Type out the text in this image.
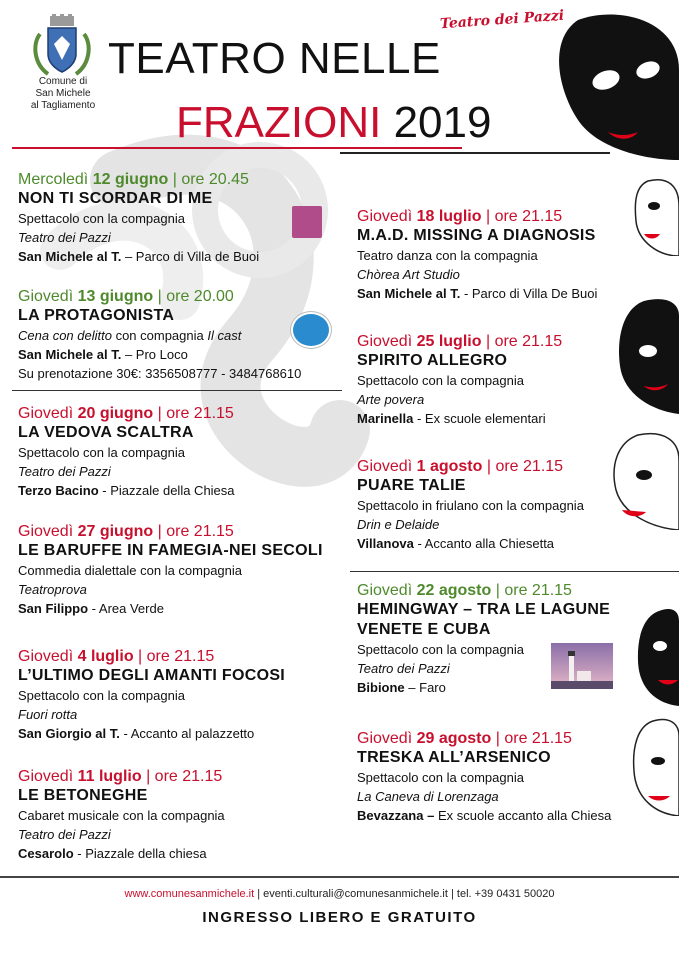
Comune di
San Michele
al Tagliamento
TEATRO NELLE
FRAZIONI 2019
Teatro dei Pazzi
Mercoledì 12 giugno | ore 20.45
NON TI SCORDAR DI ME
Spettacolo con la compagnia
Teatro dei Pazzi
San Michele al T. – Parco di Villa de Buoi
Giovedì 13 giugno | ore 20.00
LA PROTAGONISTA
Cena con delitto con compagnia Il cast
San Michele al T. – Pro Loco
Su prenotazione 30€: 3356508777 - 3484768610
Giovedì 20 giugno | ore 21.15
LA VEDOVA SCALTRA
Spettacolo con la compagnia
Teatro dei Pazzi
Terzo Bacino - Piazzale della Chiesa
Giovedì 27 giugno | ore 21.15
LE BARUFFE IN FAMEGIA-NEI SECOLI
Commedia dialettale con la compagnia
Teatroprova
San Filippo - Area Verde
Giovedì 4 luglio | ore 21.15
L’ULTIMO DEGLI AMANTI FOCOSI
Spettacolo con la compagnia
Fuori rotta
San Giorgio al T. - Accanto al palazzetto
Giovedì 11 luglio | ore 21.15
LE BETONEGHE
Cabaret musicale con la compagnia
Teatro dei Pazzi
Cesarolo - Piazzale della chiesa
Giovedì 18 luglio | ore 21.15
M.A.D. MISSING A DIAGNOSIS
Teatro danza con la compagnia
Chòrea Art Studio
San Michele al T. - Parco di Villa De Buoi
Giovedì 25 luglio | ore 21.15
SPIRITO ALLEGRO
Spettacolo con la compagnia
Arte povera
Marinella - Ex scuole elementari
Giovedì 1 agosto | ore 21.15
PUARE TALIE
Spettacolo in friulano con la compagnia
Drin e Delaide
Villanova - Accanto alla Chiesetta
Giovedì 22 agosto | ore 21.15
HEMINGWAY – TRA LE LAGUNE
VENETE E CUBA
Spettacolo con la compagnia
Teatro dei Pazzi
Bibione – Faro
Giovedì 29 agosto | ore 21.15
TRESKA ALL’ARSENICO
Spettacolo con la compagnia
La Caneva di Lorenzaga
Bevazzana – Ex scuole accanto alla Chiesa
www.comunesanmichele.it | eventi.culturali@comunesanmichele.it | tel. +39 0431 50020
INGRESSO LIBERO E GRATUITO
